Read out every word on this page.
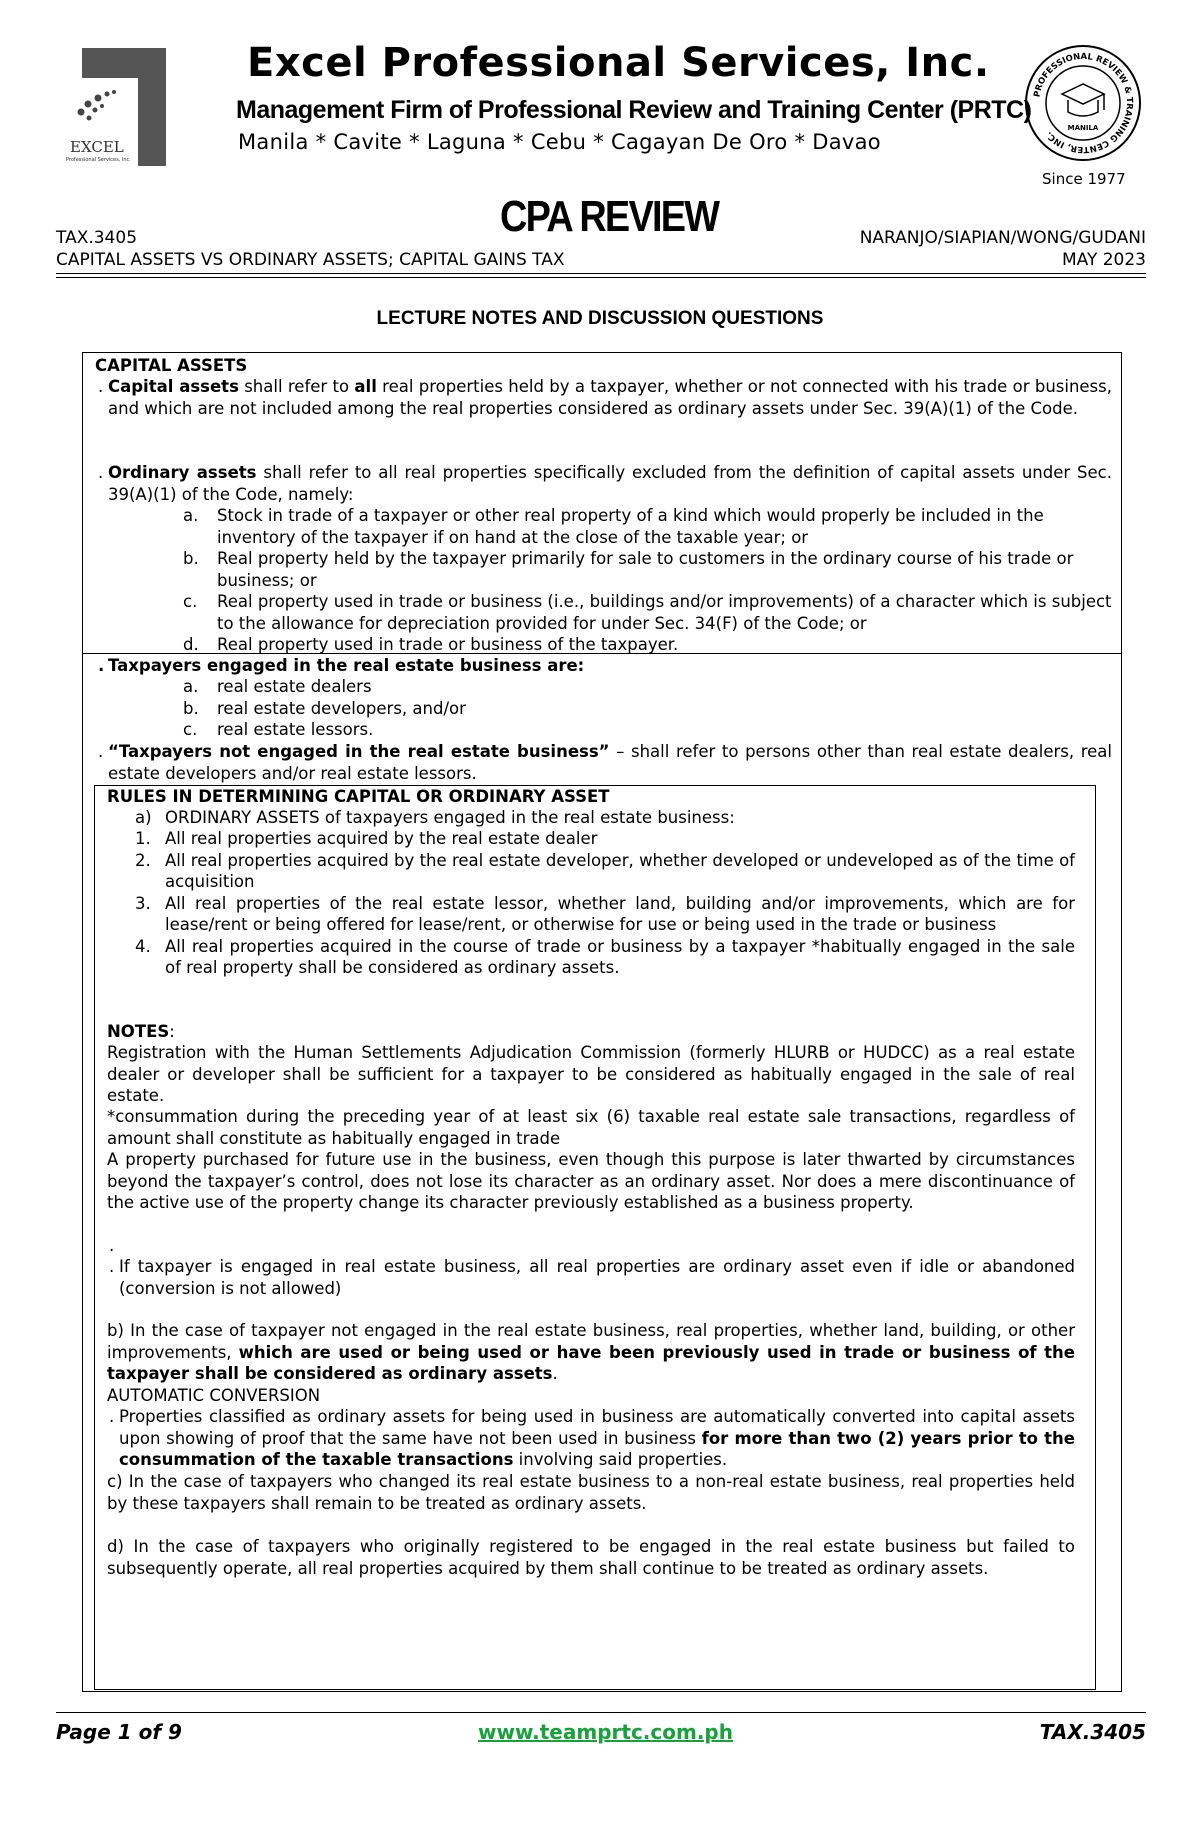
EXCEL
Professional Services, Inc.
Excel Professional Services, Inc.
Management Firm of Professional Review and Training Center (PRTC)
Manila * Cavite * Laguna * Cebu * Cagayan De Oro * Davao
PROFESSIONAL REVIEW & TRAINING CENTER, INC.
MANILA
Since 1977
CPA REVIEW
TAX.3405
CAPITAL ASSETS VS ORDINARY ASSETS; CAPITAL GAINS TAX
NARANJO/SIAPIAN/WONG/GUDANI
MAY 2023
LECTURE NOTES AND DISCUSSION QUESTIONS
CAPITAL ASSETS
. Capital assets shall refer to all real properties held by a taxpayer, whether or not connected with his trade or business, and which are not included among the real properties considered as ordinary assets under Sec. 39(A)(1) of the Code.
. Ordinary assets shall refer to all real properties specifically excluded from the definition of capital assets under Sec. 39(A)(1) of the Code, namely:
a. Stock in trade of a taxpayer or other real property of a kind which would properly be included in the inventory of the taxpayer if on hand at the close of the taxable year; or
b. Real property held by the taxpayer primarily for sale to customers in the ordinary course of his trade or business; or
c. Real property used in trade or business (i.e., buildings and/or improvements) of a character which is subject to the allowance for depreciation provided for under Sec. 34(F) of the Code; or
d. Real property used in trade or business of the taxpayer.
. Taxpayers engaged in the real estate business are:
a. real estate dealers
b. real estate developers, and/or
c. real estate lessors.
. “Taxpayers not engaged in the real estate business” – shall refer to persons other than real estate dealers, real estate developers and/or real estate lessors.
RULES IN DETERMINING CAPITAL OR ORDINARY ASSET
a) ORDINARY ASSETS of taxpayers engaged in the real estate business:
1. All real properties acquired by the real estate dealer
2. All real properties acquired by the real estate developer, whether developed or undeveloped as of the time of acquisition
3. All real properties of the real estate lessor, whether land, building and/or improvements, which are for lease/rent or being offered for lease/rent, or otherwise for use or being used in the trade or business
4. All real properties acquired in the course of trade or business by a taxpayer *habitually engaged in the sale of real property shall be considered as ordinary assets.
NOTES:
Registration with the Human Settlements Adjudication Commission (formerly HLURB or HUDCC) as a real estate dealer or developer shall be sufficient for a taxpayer to be considered as habitually engaged in the sale of real estate.
*consummation during the preceding year of at least six (6) taxable real estate sale transactions, regardless of amount shall constitute as habitually engaged in trade
A property purchased for future use in the business, even though this purpose is later thwarted by circumstances beyond the taxpayer’s control, does not lose its character as an ordinary asset. Nor does a mere discontinuance of the active use of the property change its character previously established as a business property.
.
. If taxpayer is engaged in real estate business, all real properties are ordinary asset even if idle or abandoned (conversion is not allowed)
b) In the case of taxpayer not engaged in the real estate business, real properties, whether land, building, or other improvements, which are used or being used or have been previously used in trade or business of the taxpayer shall be considered as ordinary assets.
AUTOMATIC CONVERSION
. Properties classified as ordinary assets for being used in business are automatically converted into capital assets upon showing of proof that the same have not been used in business for more than two (2) years prior to the consummation of the taxable transactions involving said properties.
c) In the case of taxpayers who changed its real estate business to a non-real estate business, real properties held by these taxpayers shall remain to be treated as ordinary assets.
d) In the case of taxpayers who originally registered to be engaged in the real estate business but failed to subsequently operate, all real properties acquired by them shall continue to be treated as ordinary assets.
Page 1 of 9	www.teamprtc.com.ph	TAX.3405
